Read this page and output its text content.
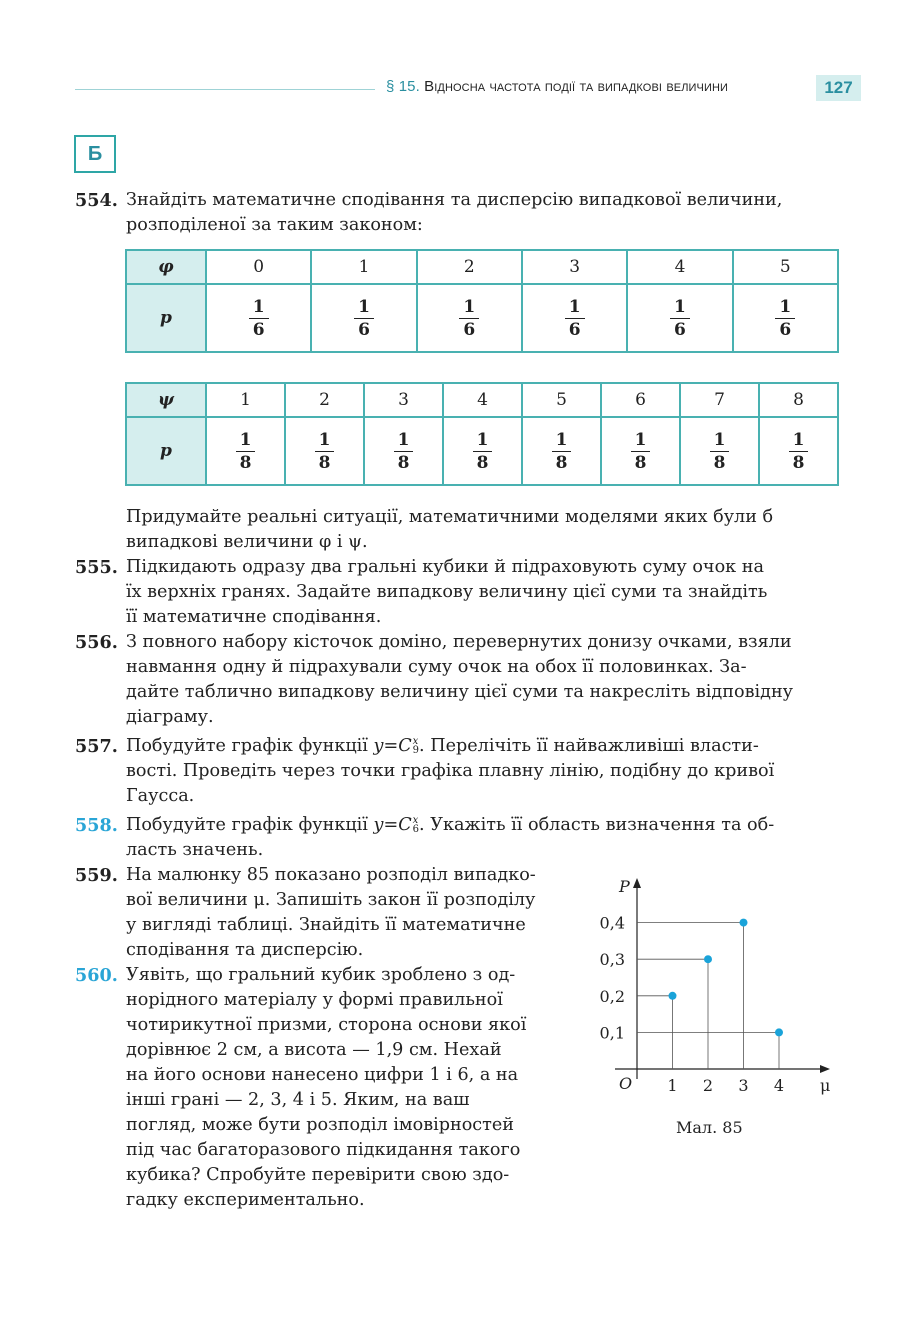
§ 15. Відносна частота події та випадкові величини	127
Б
554. Знайдіть математичне сподівання та дисперсію випадкової величини,
розподіленої за таким законом:
φ	0	1	2	3	4	5
p	$\frac{1}{6}$	$\frac{1}{6}$	$\frac{1}{6}$	$\frac{1}{6}$	$\frac{1}{6}$	$\frac{1}{6}$
ψ	1	2	3	4	5	6	7	8
p	$\frac{1}{8}$	$\frac{1}{8}$	$\frac{1}{8}$	$\frac{1}{8}$	$\frac{1}{8}$	$\frac{1}{8}$	$\frac{1}{8}$	$\frac{1}{8}$
Придумайте реальні ситуації, математичними моделями яких були б
випадкові величини φ і ψ.
555. Підкидають одразу два гральні кубики й підраховують суму очок на
їх верхніх гранях. Задайте випадкову величину цієї суми та знайдіть
її математичне сподівання.
556. З повного набору кісточок доміно, перевернутих донизу очками, взяли
навмання одну й підрахували суму очок на обох її половинках. За-
дайте таблично випадкову величину цієї суми та накресліть відповідну
діаграму.
557. Побудуйте графік функції y=C x
9 . Перелічіть її найважливіші власти-
вості. Проведіть через точки графіка плавну лінію, подібну до кривої
Гаусса.
558. Побудуйте графік функції y=C x
6 . Укажіть її область визначення та об-
ласть значень.
559. На малюнку 85 показано розподіл випадко-
вої величини μ. Запишіть закон її розподілу
у вигляді таблиці. Знайдіть її математичне
сподівання та дисперсію.
560. Уявіть, що гральний кубик зроблено з од-
норідного матеріалу у формі правильної
чотирикутної призми, сторона основи якої
дорівнює 2 см, а висота — 1,9 см. Нехай
на його основи нанесено цифри 1 і 6, а на
інші грані — 2, 3, 4 і 5. Яким, на ваш
погляд, може бути розподіл імовірностей
під час багаторазового підкидання такого
кубика? Спробуйте перевірити свою здо-
гадку експериментально.
1 2 3 4
0,1
0,2
0,3
0,4
O	μ
P
Мал. 85
